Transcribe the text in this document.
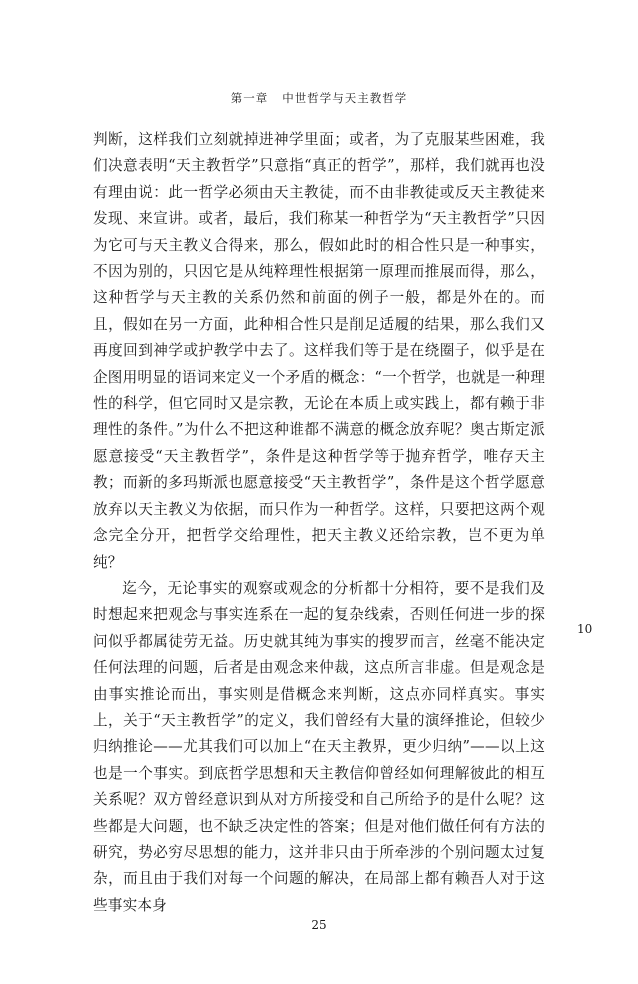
第一章 中世哲学与天主教哲学

判断，这样我们立刻就掉进神学里面；或者，为了克服某些困难，我们决意表明“天主教哲学”只意指“真正的哲学”，那样，我们就再也没有理由说：此一哲学必须由天主教徒，而不由非教徒或反天主教徒来发现、来宣讲。或者，最后，我们称某一种哲学为“天主教哲学”只因为它可与天主教义合得来，那么，假如此时的相合性只是一种事实，不因为别的，只因它是从纯粹理性根据第一原理而推展而得，那么，这种哲学与天主教的关系仍然和前面的例子一般，都是外在的。而且，假如在另一方面，此种相合性只是削足适履的结果，那么我们又再度回到神学或护教学中去了。这样我们等于是在绕圈子，似乎是在企图用明显的语词来定义一个矛盾的概念：“一个哲学，也就是一种理性的科学，但它同时又是宗教，无论在本质上或实践上，都有赖于非理性的条件。”为什么不把这种谁都不满意的概念放弃呢？奥古斯定派愿意接受“天主教哲学”，条件是这种哲学等于抛弃哲学，唯存天主教；而新的多玛斯派也愿意接受“天主教哲学”，条件是这个哲学愿意放弃以天主教义为依据，而只作为一种哲学。这样，只要把这两个观念完全分开，把哲学交给理性，把天主教义还给宗教，岂不更为单纯？

迄今，无论事实的观察或观念的分析都十分相符，要不是我们及时想起来把观念与事实连系在一起的复杂线索，否则任何进一步的探问似乎都属徒劳无益。历史就其纯为事实的搜罗而言，丝毫不能决定任何法理的问题，后者是由观念来仲裁，这点所言非虚。但是观念是由事实推论而出，事实则是借概念来判断，这点亦同样真实。事实上，关于“天主教哲学”的定义，我们曾经有大量的演绎推论，但较少归纳推论——尤其我们可以加上“在天主教界，更少归纳”——以上这也是一个事实。到底哲学思想和天主教信仰曾经如何理解彼此的相互关系呢？双方曾经意识到从对方所接受和自己所给予的是什么呢？这些都是大问题，也不缺乏决定性的答案；但是对他们做任何有方法的研究，势必穷尽思想的能力，这并非只由于所牵涉的个别问题太过复杂，而且由于我们对每一个问题的解决，在局部上都有赖吾人对于这些事实本身

10
25
